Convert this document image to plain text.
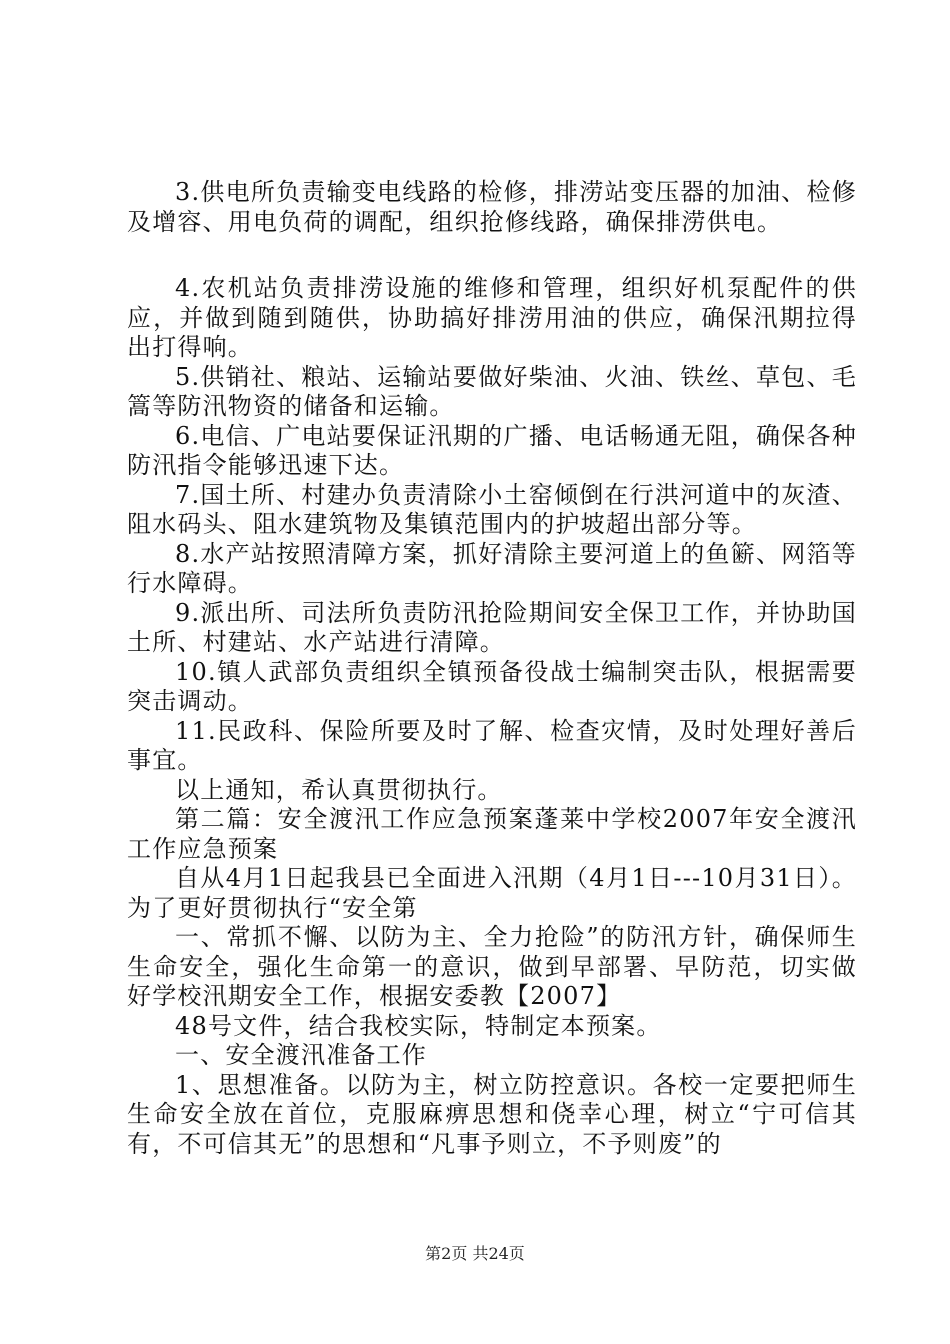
3.供电所负责输变电线路的检修，排涝站变压器的加油、检修及增容、用电负荷的调配，组织抢修线路，确保排涝供电。

4.农机站负责排涝设施的维修和管理，组织好机泵配件的供应，并做到随到随供，协助搞好排涝用油的供应，确保汛期拉得出打得响。

5.供销社、粮站、运输站要做好柴油、火油、铁丝、草包、毛篙等防汛物资的储备和运输。

6.电信、广电站要保证汛期的广播、电话畅通无阻，确保各种防汛指令能够迅速下达。

7.国土所、村建办负责清除小土窑倾倒在行洪河道中的灰渣、阻水码头、阻水建筑物及集镇范围内的护坡超出部分等。

8.水产站按照清障方案，抓好清除主要河道上的鱼簖、网箔等行水障碍。

9.派出所、司法所负责防汛抢险期间安全保卫工作，并协助国土所、村建站、水产站进行清障。

10.镇人武部负责组织全镇预备役战士编制突击队，根据需要突击调动。

11.民政科、保险所要及时了解、检查灾情，及时处理好善后事宜。

以上通知，希认真贯彻执行。

第二篇：安全渡汛工作应急预案蓬莱中学校2007年安全渡汛工作应急预案

自从4月1日起我县已全面进入汛期（4月1日---10月31日）。为了更好贯彻执行“安全第

一、常抓不懈、以防为主、全力抢险”的防汛方针，确保师生生命安全，强化生命第一的意识，做到早部署、早防范，切实做好学校汛期安全工作，根据安委教【2007】

48号文件，结合我校实际，特制定本预案。

一、安全渡汛准备工作

1、思想准备。以防为主，树立防控意识。各校一定要把师生生命安全放在首位，克服麻痹思想和侥幸心理，树立“宁可信其有，不可信其无”的思想和“凡事予则立，不予则废”的

第2页 共24页
